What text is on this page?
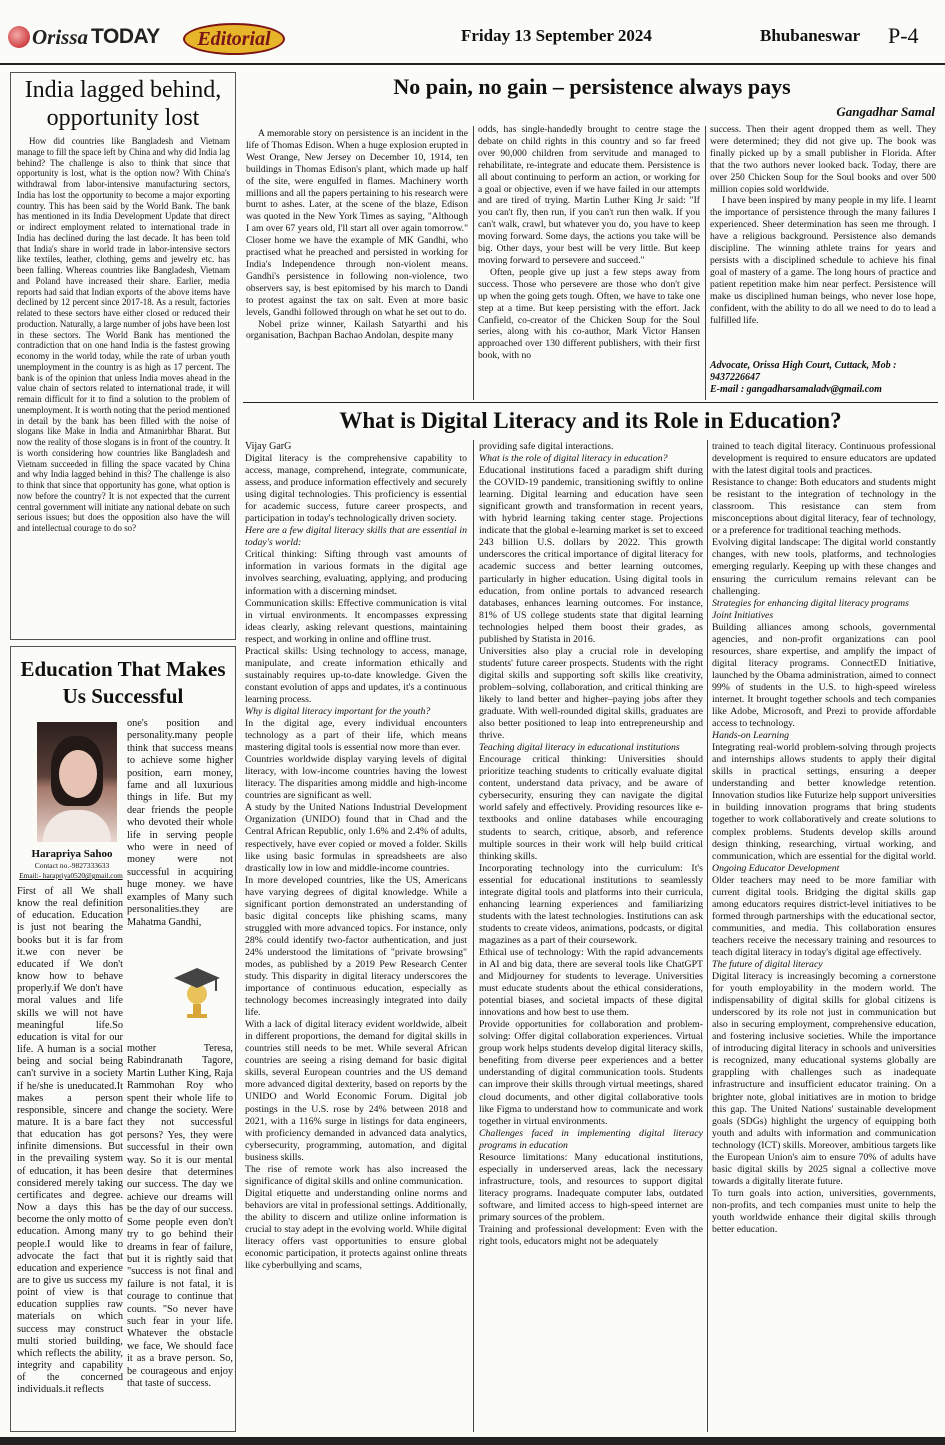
Orissa TODAY	Editorial	Friday 13 September 2024	Bhubaneswar P-4
India lagged behind, opportunity lost

How did countries like Bangladesh and Vietnam manage to fill the space left by China and why did India lag behind? The challenge is also to think that since that opportunity is lost, what is the option now? With China's withdrawal from labor-intensive manufacturing sectors, India has lost the opportunity to become a major exporting country. This has been said by the World Bank. The bank has mentioned in its India Development Update that direct or indirect employment related to international trade in India has declined during the last decade. It has been told that India's share in world trade in labor-intensive sectors like textiles, leather, clothing, gems and jewelry etc. has been falling. Whereas countries like Bangladesh, Vietnam and Poland have increased their share. Earlier, media reports had said that Indian exports of the above items have declined by 12 percent since 2017-18. As a result, factories related to these sectors have either closed or reduced their production. Naturally, a large number of jobs have been lost in these sectors. The World Bank has mentioned the contradiction that on one hand India is the fastest growing economy in the world today, while the rate of urban youth unemployment in the country is as high as 17 percent. The bank is of the opinion that unless India moves ahead in the value chain of sectors related to international trade, it will remain difficult for it to find a solution to the problem of unemployment. It is worth noting that the period mentioned in detail by the bank has been filled with the noise of slogans like Make in India and Atmanirbhar Bharat. But now the reality of those slogans is in front of the country. It is worth considering how countries like Bangladesh and Vietnam succeeded in filling the space vacated by China and why India lagged behind in this? The challenge is also to think that since that opportunity has gone, what option is now before the country? It is not expected that the current central government will initiate any national debate on such serious issues; but does the opposition also have the will and intellectual courage to do so?

Education That Makes Us Successful
Harapriya Sahoo
Contact no.-9827333633
Email:- harapriya0520@gmail.com

one's position and personality.many people think that success means to achieve some higher position, earn money, fame and all luxurious things in life. But my dear friends the people who devoted their whole life in serving people who were in need of money were not successful in acquiring huge money. we have examples of Many such personalities.they are Mahatma Gandhi,

mother Teresa, Rabindranath Tagore, Martin Luther King, Raja Rammohan Roy who spent their whole life to change the society. Were they not successful persons? Yes, they were successful in their own way. So it is our mental desire that determines our success. The day we achieve our dreams will be the day of our success. Some people even don't try to go behind their dreams in fear of failure, but it is rightly said that "success is not final and failure is not fatal, it is courage to continue that counts. "So never have such fear in your life. Whatever the obstacle we face, We should face it as a brave person. So, be courageous and enjoy that taste of success.

First of all We shall know the real definition of education. Education is just not bearing the books but it is far from it.we con never be educated if We don't know how to behave properly.if We don't have moral values and life skills we will not have meaningful life.So education is vital for our life. A human is a social being and social being can't survive in a society if he/she is uneducated.It makes a person responsible, sincere and mature. It is a bare fact that education has got infinite dimensions. But in the prevailing system of education, it has been considered merely taking certificates and degree. Now a days this has become the only motto of education. Among many people.I would like to advocate the fact that education and experience are to give us success my point of view is that education supplies raw materials on which success may construct multi storied building, which reflects the ability, integrity and capability of the concerned individuals.it reflects

No pain, no gain – persistence always pays
Gangadhar Samal

A memorable story on persistence is an incident in the life of Thomas Edison. When a huge explosion erupted in West Orange, New Jersey on December 10, 1914, ten buildings in Thomas Edison's plant, which made up half of the site, were engulfed in flames. Machinery worth millions and all the papers pertaining to his research were burnt to ashes. Later, at the scene of the blaze, Edison was quoted in the New York Times as saying, "Although I am over 67 years old, I'll start all over again tomorrow." Closer home we have the example of MK Gandhi, who practised what he preached and persisted in working for India's Independence through non-violent means. Gandhi's persistence in following non-violence, two observers say, is best epitomised by his march to Dandi to protest against the tax on salt. Even at more basic levels, Gandhi followed through on what he set out to do.

Nobel prize winner, Kailash Satyarthi and his organisation, Bachpan Bachao Andolan, despite many

odds, has single-handedly brought to centre stage the debate on child rights in this country and so far freed over 90,000 children from servitude and managed to rehabilitate, re-integrate and educate them. Persistence is all about continuing to perform an action, or working for a goal or objective, even if we have failed in our attempts and are tired of trying. Martin Luther King Jr said: "If you can't fly, then run, if you can't run then walk. If you can't walk, crawl, but whatever you do, you have to keep moving forward. Some days, the actions you take will be big. Other days, your best will be very little. But keep moving forward to persevere and succeed."

Often, people give up just a few steps away from success. Those who persevere are those who don't give up when the going gets tough. Often, we have to take one step at a time. But keep persisting with the effort. Jack Canfield, co-creator of the Chicken Soup for the Soul series, along with his co-author, Mark Victor Hansen approached over 130 different publishers, with their first book, with no

success. Then their agent dropped them as well. They were determined; they did not give up. The book was finally picked up by a small publisher in Florida. After that the two authors never looked back. Today, there are over 250 Chicken Soup for the Soul books and over 500 million copies sold worldwide.

I have been inspired by many people in my life. I learnt the importance of persistence through the many failures I experienced. Sheer determination has seen me through. I have a religious background. Persistence also demands discipline. The winning athlete trains for years and persists with a disciplined schedule to achieve his final goal of mastery of a game. The long hours of practice and patient repetition make him near perfect. Persistence will make us disciplined human beings, who never lose hope, confident, with the ability to do all we need to do to lead a fulfilled life.

Advocate, Orissa High Court, Cuttack, Mob : 9437226647
E-mail : gangadharsamaladv@gmail.com
What is Digital Literacy and its Role in Education?
Vijay GarG

Digital literacy is the comprehensive capability to access, manage, comprehend, integrate, communicate, assess, and produce information effectively and securely using digital technologies. This proficiency is essential for academic success, future career prospects, and participation in today's technologically driven society.

Here are a few digital literacy skills that are essential in today's world:

Critical thinking: Sifting through vast amounts of information in various formats in the digital age involves searching, evaluating, applying, and producing information with a discerning mindset.

Communication skills: Effective communication is vital in virtual environments. It encompasses expressing ideas clearly, asking relevant questions, maintaining respect, and working in online and offline trust.

Practical skills: Using technology to access, manage, manipulate, and create information ethically and sustainably requires up-to-date knowledge. Given the constant evolution of apps and updates, it's a continuous learning process.

Why is digital literacy important for the youth?

In the digital age, every individual encounters technology as a part of their life, which means mastering digital tools is essential now more than ever.

Countries worldwide display varying levels of digital literacy, with low-income countries having the lowest literacy. The disparities among middle and high-income countries are significant as well.

A study by the United Nations Industrial Development Organization (UNIDO) found that in Chad and the Central African Republic, only 1.6% and 2.4% of adults, respectively, have ever copied or moved a folder. Skills like using basic formulas in spreadsheets are also drastically low in low and middle-income countries.

In more developed countries, like the US, Americans have varying degrees of digital knowledge. While a significant portion demonstrated an understanding of basic digital concepts like phishing scams, many struggled with more advanced topics. For instance, only 28% could identify two-factor authentication, and just 24% understood the limitations of "private browsing" modes, as published by a 2019 Pew Research Center study. This disparity in digital literacy underscores the importance of continuous education, especially as technology becomes increasingly integrated into daily life.

With a lack of digital literacy evident worldwide, albeit in different proportions, the demand for digital skills in countries still needs to be met. While several African countries are seeing a rising demand for basic digital skills, several European countries and the US demand more advanced digital dexterity, based on reports by the UNIDO and World Economic Forum. Digital job postings in the U.S. rose by 24% between 2018 and 2021, with a 116% surge in listings for data engineers, with proficiency demanded in advanced data analytics, cybersecurity, programming, automation, and digital business skills.

The rise of remote work has also increased the significance of digital skills and online communication.

Digital etiquette and understanding online norms and behaviors are vital in professional settings. Additionally, the ability to discern and utilize online information is crucial to stay adept in the evolving world. While digital literacy offers vast opportunities to ensure global economic participation, it protects against online threats like cyberbullying and scams,

providing safe digital interactions.

What is the role of digital literacy in education?

Educational institutions faced a paradigm shift during the COVID-19 pandemic, transitioning swiftly to online learning. Digital learning and education have seen significant growth and transformation in recent years, with hybrid learning taking center stage. Projections indicate that the global e-learning market is set to exceed 243 billion U.S. dollars by 2022. This growth underscores the critical importance of digital literacy for academic success and better learning outcomes, particularly in higher education. Using digital tools in education, from online portals to advanced research databases, enhances learning outcomes. For instance, 81% of US college students state that digital learning technologies helped them boost their grades, as published by Statista in 2016.

Universities also play a crucial role in developing students' future career prospects. Students with the right digital skills and supporting soft skills like creativity, problem–solving, collaboration, and critical thinking are likely to land better and higher–paying jobs after they graduate. With well-rounded digital skills, graduates are also better positioned to leap into entrepreneurship and thrive.

Teaching digital literacy in educational institutions

Encourage critical thinking: Universities should prioritize teaching students to critically evaluate digital content, understand data privacy, and be aware of cybersecurity, ensuring they can navigate the digital world safely and effectively. Providing resources like e-textbooks and online databases while encouraging students to search, critique, absorb, and reference multiple sources in their work will help build critical thinking skills.

Incorporating technology into the curriculum: It's essential for educational institutions to seamlessly integrate digital tools and platforms into their curricula, enhancing learning experiences and familiarizing students with the latest technologies. Institutions can ask students to create videos, animations, podcasts, or digital magazines as a part of their coursework.

Ethical use of technology: With the rapid advancements in AI and big data, there are several tools like ChatGPT and Midjourney for students to leverage. Universities must educate students about the ethical considerations, potential biases, and societal impacts of these digital innovations and how best to use them.

Provide opportunities for collaboration and problem-solving: Offer digital collaboration experiences. Virtual group work helps students develop digital literacy skills, benefiting from diverse peer experiences and a better understanding of digital communication tools. Students can improve their skills through virtual meetings, shared cloud documents, and other digital collaborative tools like Figma to understand how to communicate and work together in virtual environments.

Challenges faced in implementing digital literacy programs in education

Resource limitations: Many educational institutions, especially in underserved areas, lack the necessary infrastructure, tools, and resources to support digital literacy programs. Inadequate computer labs, outdated software, and limited access to high-speed internet are primary sources of the problem.

Training and professional development: Even with the right tools, educators might not be adequately

trained to teach digital literacy. Continuous professional development is required to ensure educators are updated with the latest digital tools and practices.

Resistance to change: Both educators and students might be resistant to the integration of technology in the classroom. This resistance can stem from misconceptions about digital literacy, fear of technology, or a preference for traditional teaching methods.

Evolving digital landscape: The digital world constantly changes, with new tools, platforms, and technologies emerging regularly. Keeping up with these changes and ensuring the curriculum remains relevant can be challenging.

Strategies for enhancing digital literacy programs

Joint Initiatives

Building alliances among schools, governmental agencies, and non-profit organizations can pool resources, share expertise, and amplify the impact of digital literacy programs. ConnectED Initiative, launched by the Obama administration, aimed to connect 99% of students in the U.S. to high-speed wireless internet. It brought together schools and tech companies like Adobe, Microsoft, and Prezi to provide affordable access to technology.

Hands-on Learning

Integrating real-world problem-solving through projects and internships allows students to apply their digital skills in practical settings, ensuring a deeper understanding and better knowledge retention. Innovation studios like Futurize help support universities in building innovation programs that bring students together to work collaboratively and create solutions to complex problems. Students develop skills around design thinking, researching, virtual working, and communication, which are essential for the digital world.

Ongoing Educator Development

Older teachers may need to be more familiar with current digital tools. Bridging the digital skills gap among educators requires district-level initiatives to be formed through partnerships with the educational sector, communities, and media. This collaboration ensures teachers receive the necessary training and resources to teach digital literacy in today's digital age effectively.

The future of digital literacy

Digital literacy is increasingly becoming a cornerstone for youth employability in the modern world. The indispensability of digital skills for global citizens is underscored by its role not just in communication but also in securing employment, comprehensive education, and fostering inclusive societies. While the importance of introducing digital literacy in schools and universities is recognized, many educational systems globally are grappling with challenges such as inadequate infrastructure and insufficient educator training. On a brighter note, global initiatives are in motion to bridge this gap. The United Nations' sustainable development goals (SDGs) highlight the urgency of equipping both youth and adults with information and communication technology (ICT) skills. Moreover, ambitious targets like the European Union's aim to ensure 70% of adults have basic digital skills by 2025 signal a collective move towards a digitally literate future.

To turn goals into action, universities, governments, non-profits, and tech companies must unite to help the youth worldwide enhance their digital skills through better education.
